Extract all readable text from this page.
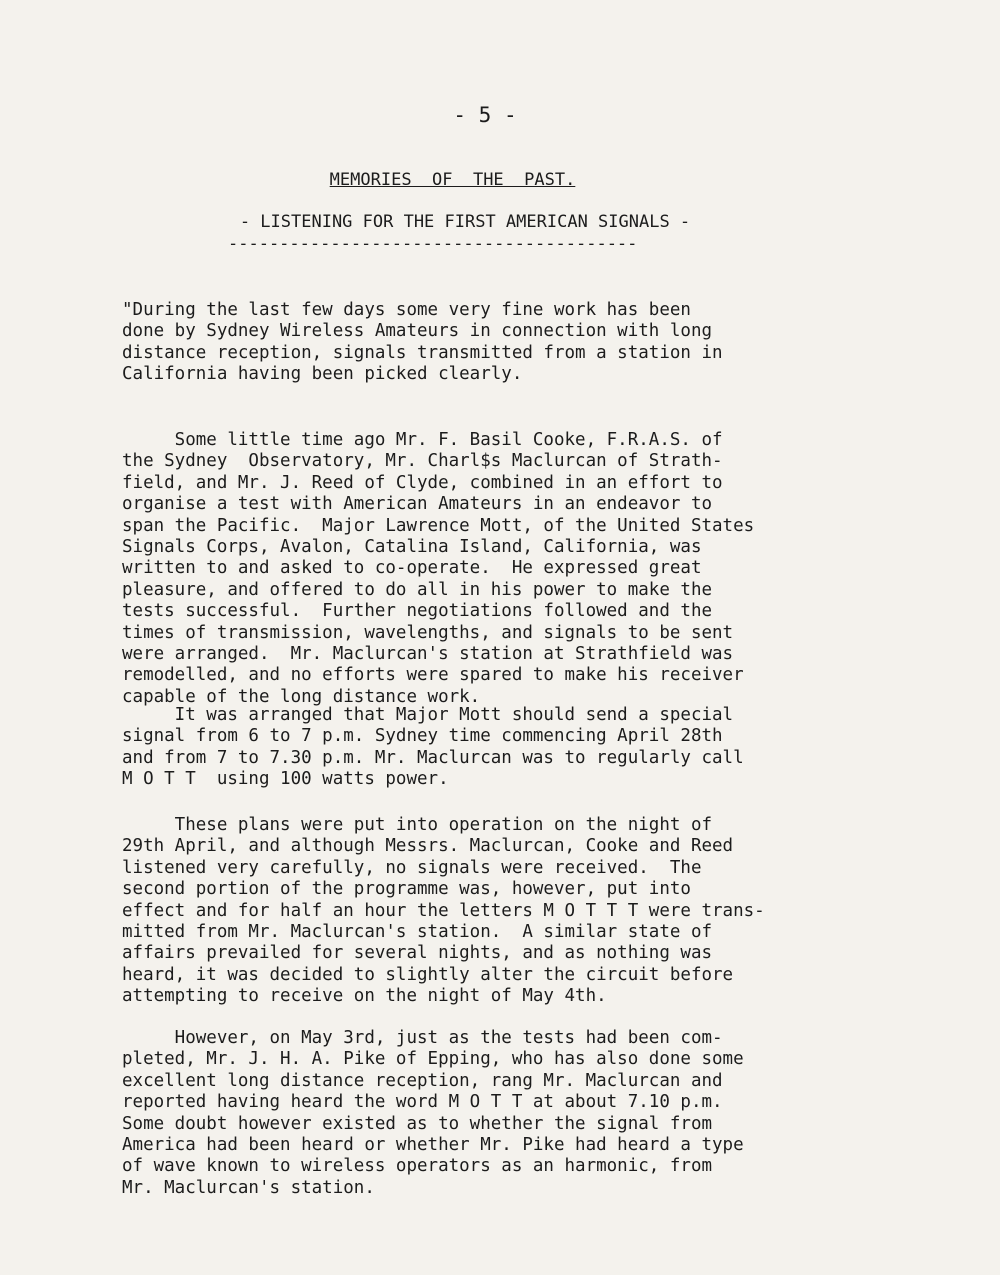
- 5 -
MEMORIES  OF  THE  PAST.
- LISTENING FOR THE FIRST AMERICAN SIGNALS -
----------------------------------------

"During the last few days some very fine work has been
done by Sydney Wireless Amateurs in connection with long
distance reception, signals transmitted from a station in
California having been picked clearly.

Some little time ago Mr. F. Basil Cooke, F.R.A.S. of
the Sydney  Observatory, Mr. Charl$s Maclurcan of Strath-
field, and Mr. J. Reed of Clyde, combined in an effort to
organise a test with American Amateurs in an endeavor to
span the Pacific.  Major Lawrence Mott, of the United States
Signals Corps, Avalon, Catalina Island, California, was
written to and asked to co-operate.  He expressed great
pleasure, and offered to do all in his power to make the
tests successful.  Further negotiations followed and the
times of transmission, wavelengths, and signals to be sent
were arranged.  Mr. Maclurcan's station at Strathfield was
remodelled, and no efforts were spared to make his receiver
capable of the long distance work.

It was arranged that Major Mott should send a special
signal from 6 to 7 p.m. Sydney time commencing April 28th
and from 7 to 7.30 p.m. Mr. Maclurcan was to regularly call
M O T T  using 100 watts power.

These plans were put into operation on the night of
29th April, and although Messrs. Maclurcan, Cooke and Reed
listened very carefully, no signals were received.  The
second portion of the programme was, however, put into
effect and for half an hour the letters M O T T T were trans-
mitted from Mr. Maclurcan's station.  A similar state of
affairs prevailed for several nights, and as nothing was
heard, it was decided to slightly alter the circuit before
attempting to receive on the night of May 4th.

However, on May 3rd, just as the tests had been com-
pleted, Mr. J. H. A. Pike of Epping, who has also done some
excellent long distance reception, rang Mr. Maclurcan and
reported having heard the word M O T T at about 7.10 p.m.
Some doubt however existed as to whether the signal from
America had been heard or whether Mr. Pike had heard a type
of wave known to wireless operators as an harmonic, from
Mr. Maclurcan's station.
